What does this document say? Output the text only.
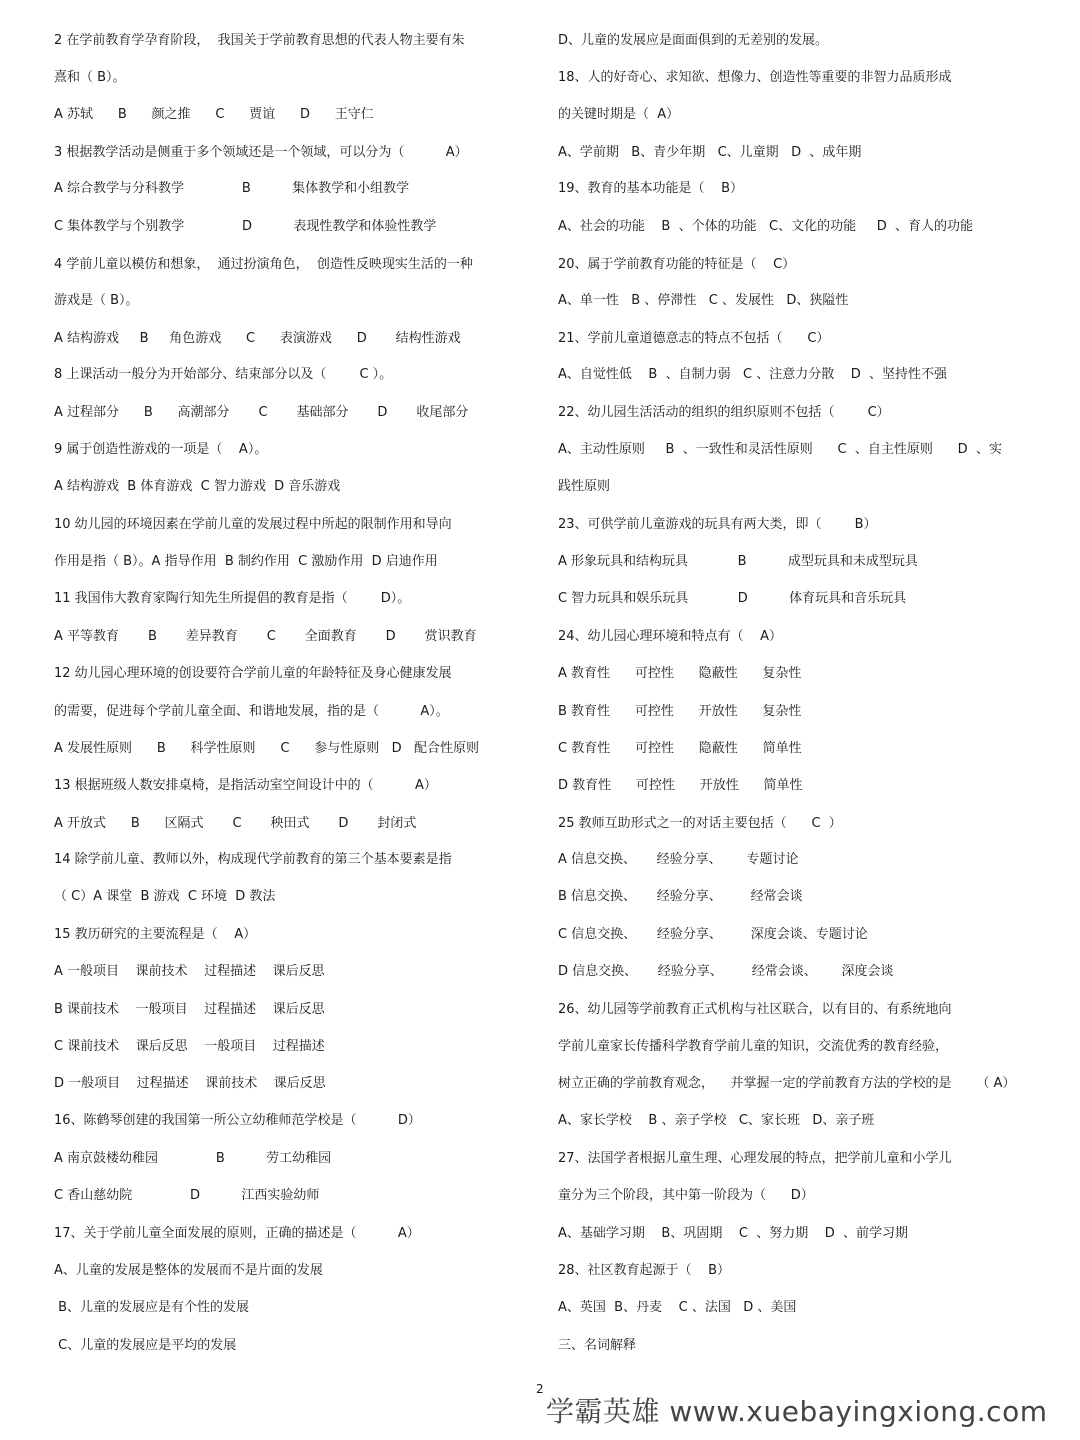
2 在学前教育学孕育阶段，  我国关于学前教育思想的代表人物主要有朱
熹和（ B）。
A 苏轼      B      颜之推      C      贾谊      D      王守仁
3 根据教学活动是侧重于多个领域还是一个领域，可以分为（          A）
A 综合教学与分科教学              B          集体教学和小组教学
C 集体教学与个别教学              D          表现性教学和体验性教学
4 学前儿童以模仿和想象，  通过扮演角色，  创造性反映现实生活的一种
游戏是（ B）。
A 结构游戏     B     角色游戏      C      表演游戏      D       结构性游戏
8 上课活动一般分为开始部分、结束部分以及（        C ）。
A 过程部分      B      高潮部分       C       基础部分       D       收尾部分
9 属于创造性游戏的一项是（    A）。
A 结构游戏  B 体育游戏  C 智力游戏  D 音乐游戏
10 幼儿园的环境因素在学前儿童的发展过程中所起的限制作用和导向
作用是指（ B）。A 指导作用  B 制约作用  C 激励作用  D 启迪作用
11 我国伟大教育家陶行知先生所提倡的教育是指（        D）。
A 平等教育       B       差异教育       C       全面教育       D       赏识教育
12 幼儿园心理环境的创设要符合学前儿童的年龄特征及身心健康发展
的需要，促进每个学前儿童全面、和谐地发展，指的是（          A）。
A 发展性原则      B      科学性原则      C      参与性原则   D   配合性原则
13 根据班级人数安排桌椅，是指活动室空间设计中的（          A）
A 开放式      B      区隔式       C       秧田式       D       封闭式
14 除学前儿童、教师以外，构成现代学前教育的第三个基本要素是指
（ C）A 课堂  B 游戏  C 环境  D 教法
15 教历研究的主要流程是（    A）
A 一般项目    课前技术    过程描述    课后反思
B 课前技术    一般项目    过程描述    课后反思
C 课前技术    课后反思    一般项目    过程描述
D 一般项目    过程描述    课前技术    课后反思
16、陈鹤琴创建的我国第一所公立幼稚师范学校是（          D）
A 南京鼓楼幼稚园              B          劳工幼稚园
C 香山慈幼院              D          江西实验幼师
17、关于学前儿童全面发展的原则，正确的描述是（          A）
A、儿童的发展是整体的发展而不是片面的发展
B、儿童的发展应是有个性的发展
C、儿童的发展应是平均的发展
D、儿童的发展应是面面俱到的无差别的发展。
18、人的好奇心、求知欲、想像力、创造性等重要的非智力品质形成
的关键时期是（  A）
A、学前期   B、青少年期   C、儿童期   D  、成年期
19、教育的基本功能是（    B）
A、社会的功能    B  、个体的功能   C、文化的功能     D  、育人的功能
20、属于学前教育功能的特征是（    C）
A、单一性   B 、停滞性   C 、发展性   D、狭隘性
21、学前儿童道德意志的特点不包括（      C）
A、自觉性低    B  、自制力弱   C 、注意力分散    D  、坚持性不强
22、幼儿园生活活动的组织的组织原则不包括（        C）
A、主动性原则     B  、一致性和灵活性原则      C  、自主性原则      D  、实
践性原则
23、可供学前儿童游戏的玩具有两大类，即（        B）
A 形象玩具和结构玩具            B          成型玩具和未成型玩具
C 智力玩具和娱乐玩具            D          体育玩具和音乐玩具
24、幼儿园心理环境和特点有（    A）
A 教育性      可控性      隐蔽性      复杂性
B 教育性      可控性      开放性      复杂性
C 教育性      可控性      隐蔽性      简单性
D 教育性      可控性      开放性      简单性
25 教师互助形式之一的对话主要包括（      C  ）
A 信息交换、     经验分享、      专题讨论
B 信息交换、     经验分享、       经常会谈
C 信息交换、     经验分享、       深度会谈、专题讨论
D 信息交换、     经验分享、       经常会谈、      深度会谈
26、幼儿园等学前教育正式机构与社区联合，以有目的、有系统地向
学前儿童家长传播科学教育学前儿童的知识，交流优秀的教育经验，
树立正确的学前教育观念，    并掌握一定的学前教育方法的学校的是      （ A）
A、家长学校    B 、亲子学校   C、家长班   D、亲子班
27、法国学者根据儿童生理、心理发展的特点，把学前儿童和小学儿
童分为三个阶段，其中第一阶段为（      D）
A、基础学习期    B、巩固期    C  、努力期    D  、前学习期
28、社区教育起源于（    B）
A、英国  B、丹麦    C 、法国   D 、美国
三、名词解释
2
学霸英雄 www.xuebayingxiong.com
